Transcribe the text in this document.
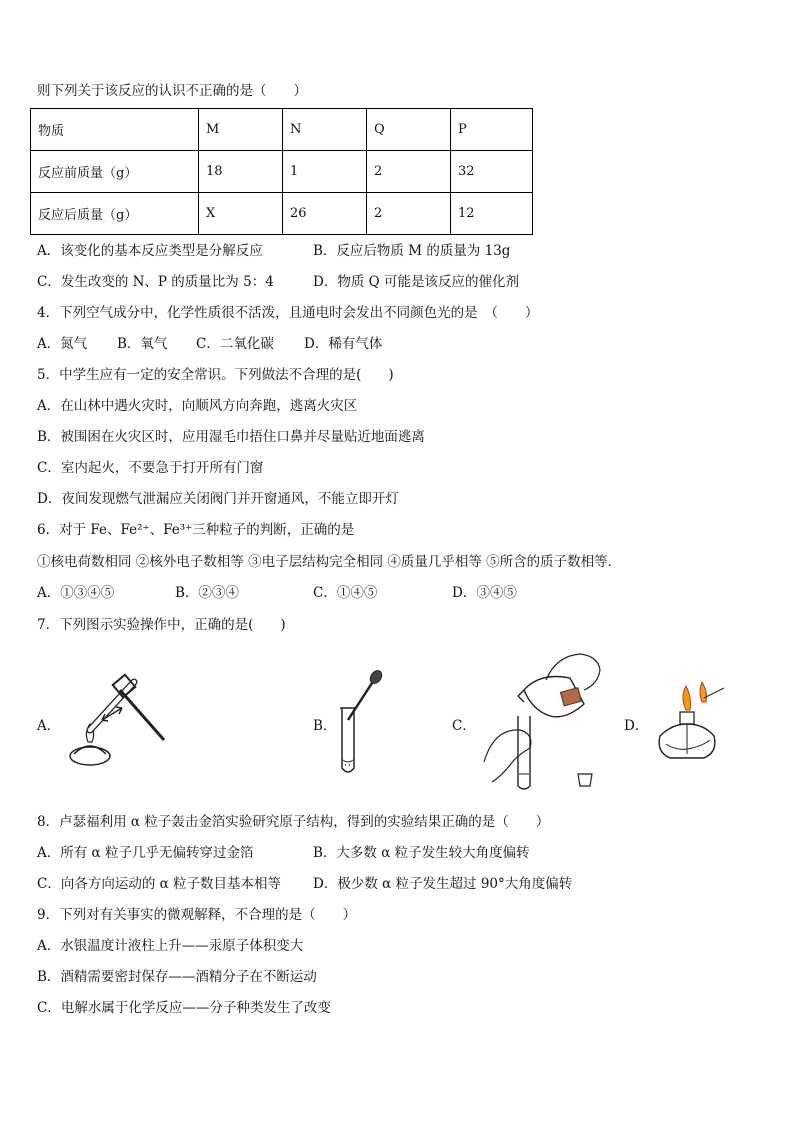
则下列关于该反应的认识不正确的是（　　）
物质	M	N	Q	P
反应前质量（g）	18	1	2	32
反应后质量（g）	X	26	2	12
A．该变化的基本反应类型是分解反应	B．反应后物质 M 的质量为 13g
C．发生改变的 N、P 的质量比为 5：4	D．物质 Q 可能是该反应的催化剂
4．下列空气成分中，化学性质很不活泼，且通电时会发出不同颜色光的是　（　　）
A．氮气 B．氧气 C．二氧化碳 D．稀有气体
5．中学生应有一定的安全常识。下列做法不合理的是(　　)
A．在山林中遇火灾时，向顺风方向奔跑，逃离火灾区
B．被围困在火灾区时，应用湿毛巾捂住口鼻并尽量贴近地面逃离
C．室内起火，不要急于打开所有门窗
D．夜间发现燃气泄漏应关闭阀门并开窗通风，不能立即开灯
6．对于 Fe、Fe²⁺、Fe³⁺三种粒子的判断，正确的是
①核电荷数相同 ②核外电子数相等 ③电子层结构完全相同 ④质量几乎相等 ⑤所含的质子数相等．
A．①③④⑤	B．②③④	C．①④⑤	D．③④⑤
7．下列图示实验操作中，正确的是(　　)
A．	B．	C．	D．
8．卢瑟福利用 α 粒子轰击金箔实验研究原子结构，得到的实验结果正确的是（　　）
A．所有 α 粒子几乎无偏转穿过金箔	B．大多数 α 粒子发生较大角度偏转
C．向各方向运动的 α 粒子数目基本相等 D．极少数 α 粒子发生超过 90°大角度偏转
9．下列对有关事实的微观解释，不合理的是（　　）
A．水银温度计液柱上升——汞原子体积变大
B．酒精需要密封保存——酒精分子在不断运动
C．电解水属于化学反应——分子种类发生了改变
